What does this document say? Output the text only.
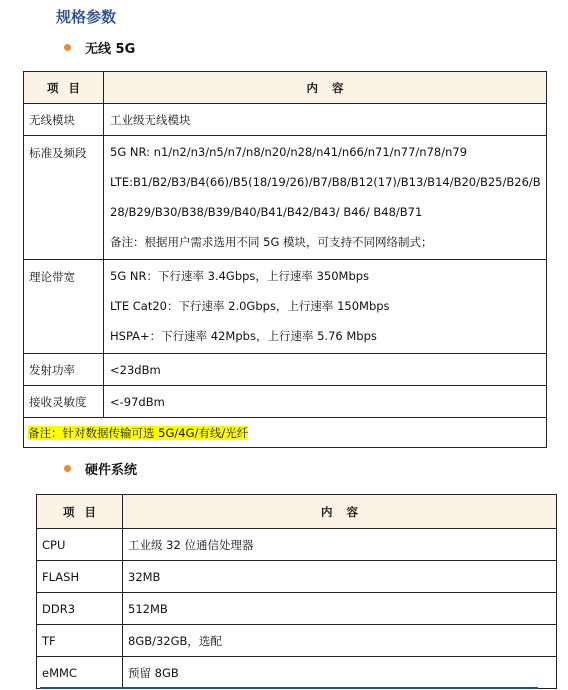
规格参数
无线 5G
项目	内容
无线模块	工业级无线模块
标准及频段	5G NR: n1/n2/n3/n5/n7/n8/n20/n28/n41/n66/n71/n77/n78/n79

LTE:B1/B2/B3/B4(66)/B5(18/19/26)/B7/B8/B12(17)/B13/B14/B20/B25/B26/B

28/B29/B30/B38/B39/B40/B41/B42/B43/ B46/ B48/B71

备注：根据用户需求选用不同 5G 模块，可支持不同网络制式；

理论带宽	5G NR：下行速率 3.4Gbps，上行速率 350Mbps

LTE Cat20：下行速率 2.0Gbps，上行速率 150Mbps

HSPA+：下行速率 42Mpbs，上行速率 5.76 Mbps

发射功率	<23dBm
接收灵敏度	<-97dBm
备注：针对数据传输可选 5G/4G/有线/光纤	
硬件系统
项目	内容
CPU	工业级 32 位通信处理器
FLASH	32MB
DDR3	512MB
TF	8GB/32GB，选配
eMMC	预留 8GB
